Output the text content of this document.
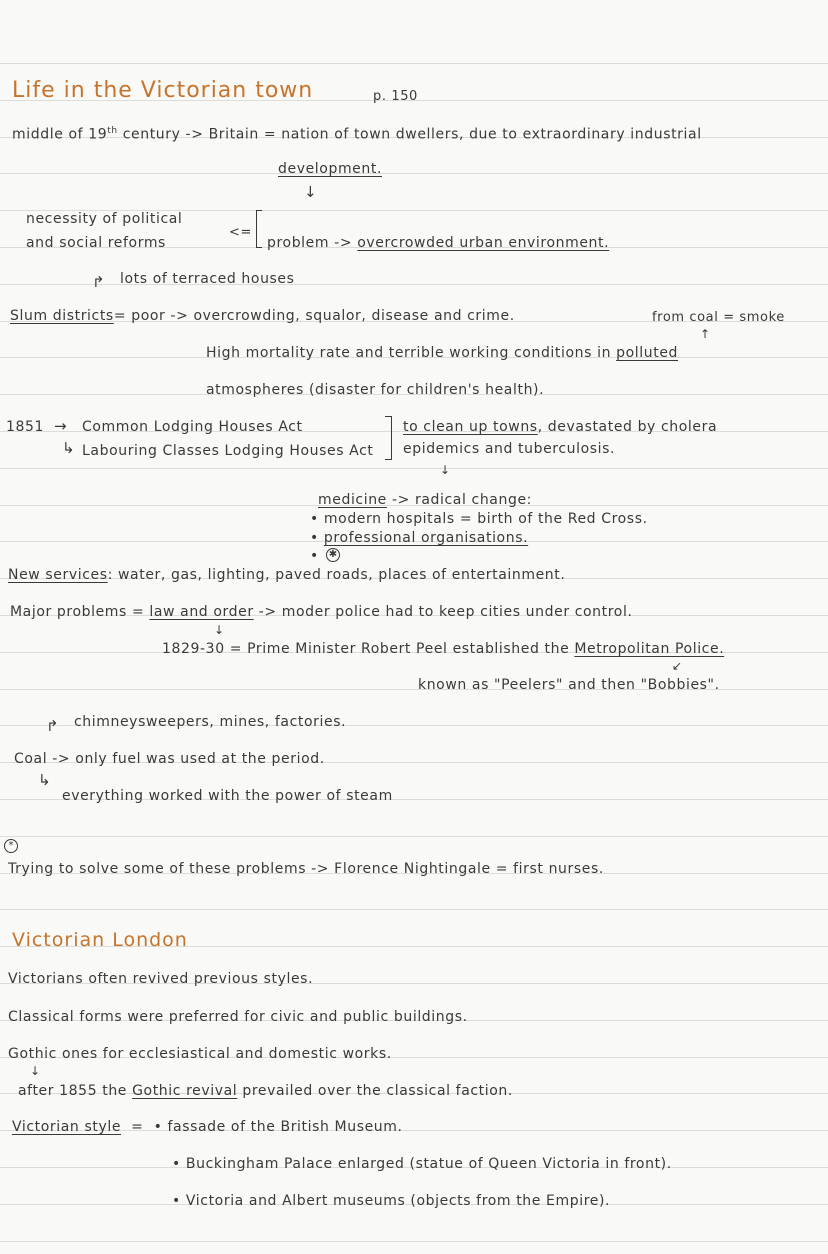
Life in the Victorian town	p. 150
middle of 19th century -> Britain = nation of town dwellers, due to extraordinary industrial
development.
↓
necessity of political
and social reforms
<=
problem -> overcrowded urban environment.
↱ lots of terraced houses
Slum districts= poor -> overcrowding, squalor, disease and crime.	from coal = smoke
↑
High mortality rate and terrible working conditions in polluted
atmospheres (disaster for children's health).
1851 → Common Lodging Houses Act
↳ Labouring Classes Lodging Houses Act
to clean up towns, devastated by cholera
epidemics and tuberculosis.
↓
medicine -> radical change:
• modern hospitals = birth of the Red Cross.
• professional organisations.
• ✱
New services: water, gas, lighting, paved roads, places of entertainment.
Major problems = law and order -> moder police had to keep cities under control.
↓
1829-30 = Prime Minister Robert Peel established the Metropolitan Police.
↙
known as "Peelers" and then "Bobbies".
↱ chimneysweepers, mines, factories.
Coal -> only fuel was used at the period.
↳
everything worked with the power of steam
*
Trying to solve some of these problems -> Florence Nightingale = first nurses.
Victorian London
Victorians often revived previous styles.
Classical forms were preferred for civic and public buildings.
Gothic ones for ecclesiastical and domestic works.
↓
after 1855 the Gothic revival prevailed over the classical faction.
Victorian style =  • fassade of the British Museum.
• Buckingham Palace enlarged (statue of Queen Victoria in front).
• Victoria and Albert museums (objects from the Empire).
